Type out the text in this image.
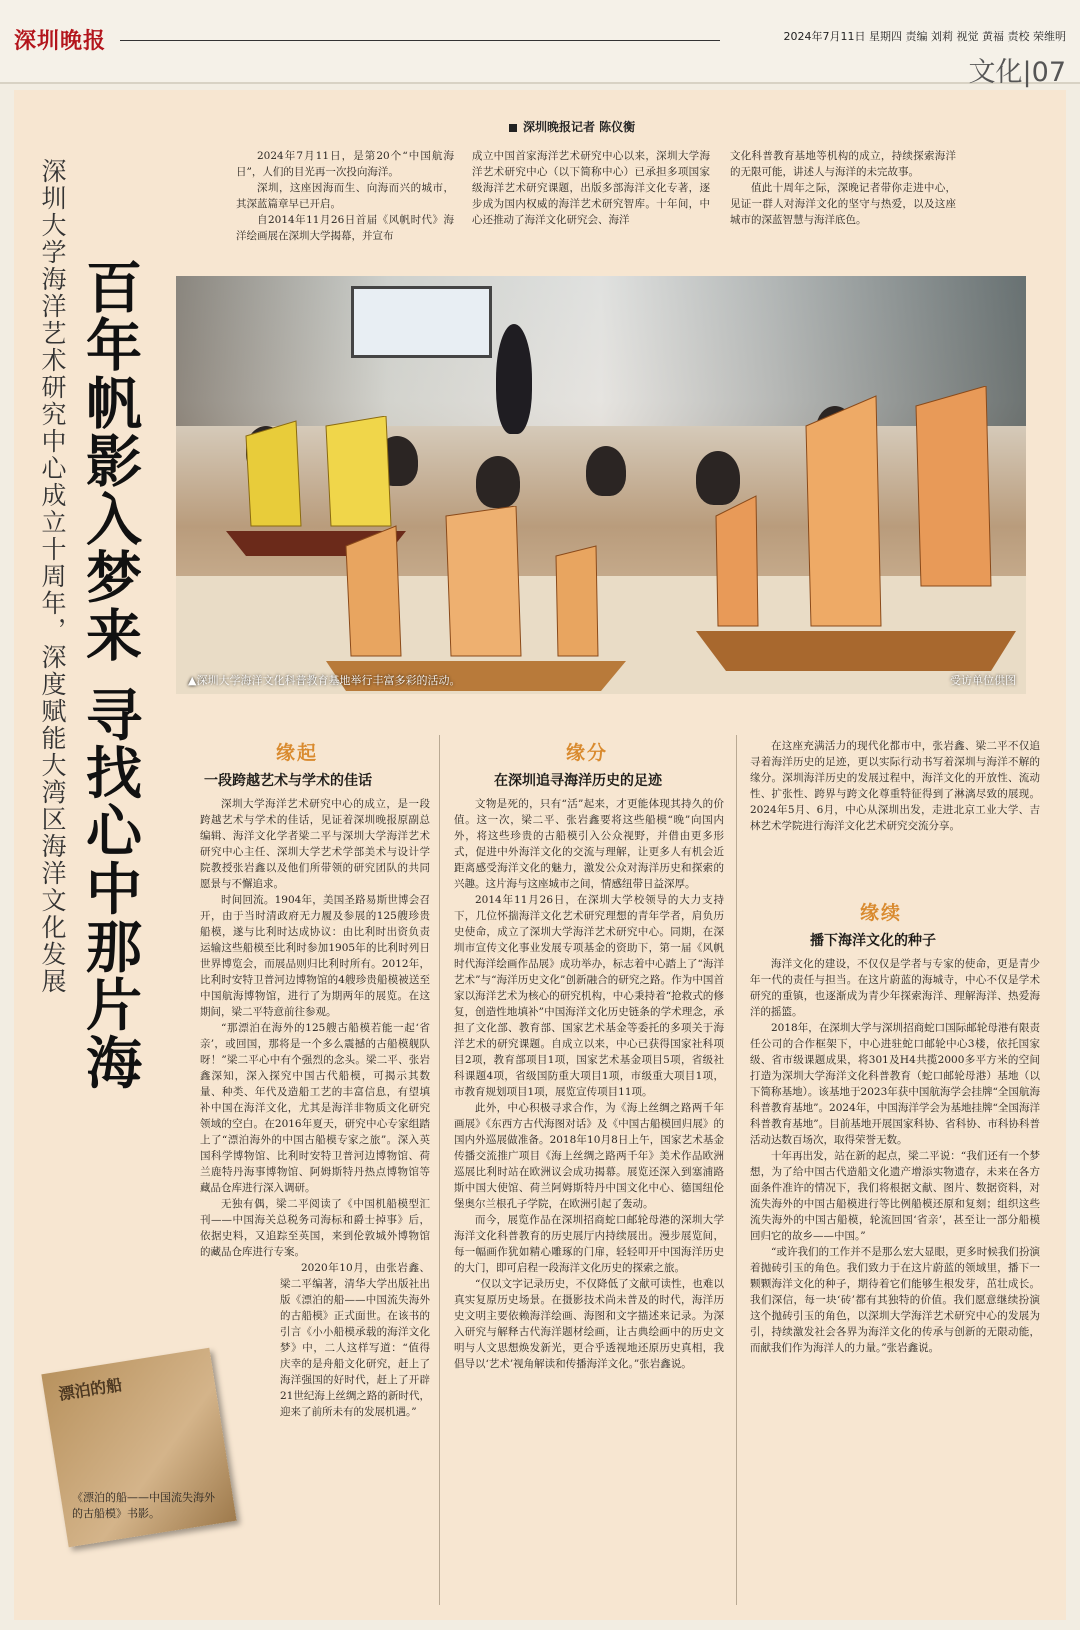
深圳晚报	2024年7月11日 星期四 责编 刘莉 视觉 黄福 责校 荣维明
文化|07
深圳大学海洋艺术研究中心成立十周年，深度赋能大湾区海洋文化发展 百年帆影入梦来 寻找心中那片海
深圳晚报记者 陈仪衡

2024年7月11日，是第20个“中国航海日”，人们的目光再一次投向海洋。

深圳，这座因海而生、向海而兴的城市，其深蓝篇章早已开启。

自2014年11月26日首届《风帆时代》海洋绘画展在深圳大学揭幕，并宣布

成立中国首家海洋艺术研究中心以来，深圳大学海洋艺术研究中心（以下简称中心）已承担多项国家级海洋艺术研究课题，出版多部海洋文化专著，逐步成为国内权威的海洋艺术研究智库。十年间，中心还推动了海洋文化研究会、海洋

文化科普教育基地等机构的成立，持续探索海洋的无限可能，讲述人与海洋的未完故事。

值此十周年之际，深晚记者带你走进中心，见证一群人对海洋文化的坚守与热爱，以及这座城市的深蓝智慧与海洋底色。

▲深圳大学海洋文化科普教育基地举行丰富多彩的活动。	受访单位供图
缘起
一段跨越艺术与学术的佳话

深圳大学海洋艺术研究中心的成立，是一段跨越艺术与学术的佳话，见证着深圳晚报原副总编辑、海洋文化学者梁二平与深圳大学海洋艺术研究中心主任、深圳大学艺术学部美术与设计学院教授张岩鑫以及他们所带领的研究团队的共同愿景与不懈追求。

时间回流。1904年，美国圣路易斯世博会召开，由于当时清政府无力履及参展的125艘珍贵船模，遂与比利时达成协议：由比利时出资负责运输这些船模至比利时参加1905年的比利时列日世界博览会，而展品则归比利时所有。2012年，比利时安特卫普河边博物馆的4艘珍贵船模被送至中国航海博物馆，进行了为期两年的展览。在这期间，梁二平特意前往参观。

“那漂泊在海外的125艘古船模若能一起‘省亲’，或回国，那将是一个多么震撼的古船模舰队呀！”梁二平心中有个强烈的念头。梁二平、张岩鑫深知，深入探究中国古代船模，可揭示其数量、种类、年代及造船工艺的丰富信息，有望填补中国在海洋文化，尤其是海洋非物质文化研究领域的空白。在2016年夏天，研究中心专家组踏上了“漂泊海外的中国古船模专家之旅”。深入英国科学博物馆、比利时安特卫普河边博物馆、荷兰鹿特丹海事博物馆、阿姆斯特丹热点博物馆等藏品仓库进行深入调研。

无独有偶，梁二平阅读了《中国机船模型汇刊——中国海关总税务司海标和爵士掉事》后，依据史料，又追踪至英国，来到伦敦城外博物馆的藏品仓库进行专案。

2020年10月，由张岩鑫、梁二平编著，清华大学出版社出版《漂泊的船——中国流失海外的古船模》正式面世。在该书的引言《小小船模承载的海洋文化梦》中，二人这样写道：“值得庆幸的是舟船文化研究，赶上了海洋强国的好时代，赶上了开辟21世纪海上丝绸之路的新时代，迎来了前所未有的发展机遇。”

缘分
在深圳追寻海洋历史的足迹

文物是死的，只有“活”起来，才更能体现其持久的价值。这一次，梁二平、张岩鑫要将这些船模“晚”向国内外，将这些珍贵的古船模引入公众视野，并借由更多形式，促进中外海洋文化的交流与理解，让更多人有机会近距离感受海洋文化的魅力，激发公众对海洋历史和探索的兴趣。这片海与这座城市之间，情感纽带日益深厚。

2014年11月26日，在深圳大学校领导的大力支持下，几位怀揣海洋文化艺术研究理想的青年学者，肩负历史使命，成立了深圳大学海洋艺术研究中心。同期，在深圳市宣传文化事业发展专项基金的资助下，第一届《风帆时代海洋绘画作品展》成功举办，标志着中心踏上了“海洋艺术”与“海洋历史文化”创新融合的研究之路。作为中国首家以海洋艺术为核心的研究机构，中心秉持着“抢救式的修复，创造性地填补”中国海洋文化历史链条的学术理念，承担了文化部、教育部、国家艺术基金等委托的多项关于海洋艺术的研究课题。自成立以来，中心已获得国家社科项目2项，教育部项目1项，国家艺术基金项目5项，省级社科课题4项，省级国防重大项目1项，市级重大项目1项，市教育规划项目1项，展览宣传项目11项。

此外，中心积极寻求合作，为《海上丝绸之路两千年画展》《东西方古代海图对话》及《中国古船模回归展》的国内外巡展做准备。2018年10月8日上午，国家艺术基金传播交流推广项目《海上丝绸之路两千年》美术作品欧洲巡展比利时站在欧洲议会成功揭幕。展览还深入到塞浦路斯中国大使馆、荷兰阿姆斯特丹中国文化中心、德国纽伦堡奥尔兰根孔子学院，在欧洲引起了轰动。

而今，展览作品在深圳招商蛇口邮轮母港的深圳大学海洋文化科普教育的历史展厅内持续展出。漫步展览间，每一幅画作犹如精心雕琢的门扉，轻轻叩开中国海洋历史的大门，即可启程一段海洋文化历史的探索之旅。

“仅以文字记录历史，不仅降低了文献可读性，也难以真实复原历史场景。在摄影技术尚未普及的时代，海洋历史文明主要依赖海洋绘画、海图和文字描述来记录。为深入研究与解释古代海洋题材绘画，让古典绘画中的历史文明与人文思想焕发新光，更合乎透视地还原历史真相，我倡导以‘艺术’视角解读和传播海洋文化。”张岩鑫说。

在这座充满活力的现代化都市中，张岩鑫、梁二平不仅追寻着海洋历史的足迹，更以实际行动书写着深圳与海洋不解的缘分。深圳海洋历史的发展过程中，海洋文化的开放性、流动性、扩张性、跨界与跨文化尊重特征得到了淋漓尽致的展现。2024年5月、6月，中心从深圳出发，走进北京工业大学、吉林艺术学院进行海洋文化艺术研究交流分享。

缘续
播下海洋文化的种子

海洋文化的建设，不仅仅是学者与专家的使命，更是青少年一代的责任与担当。在这片蔚蓝的海城寺，中心不仅是学术研究的重镇，也逐渐成为青少年探索海洋、理解海洋、热爱海洋的摇篮。

2018年，在深圳大学与深圳招商蛇口国际邮轮母港有限责任公司的合作框架下，中心进驻蛇口邮轮中心3楼，依托国家级、省市级课题成果，将301及H4共揽2000多平方米的空间打造为深圳大学海洋文化科普教育（蛇口邮轮母港）基地（以下简称基地）。该基地于2023年获中国航海学会挂牌“全国航海科普教育基地”。2024年，中国海洋学会为基地挂牌“全国海洋科普教育基地”。目前基地开展国家科协、省科协、市科协科普活动达数百场次，取得荣誉无数。

十年再出发，站在新的起点，梁二平说：“我们还有一个梦想，为了给中国古代造船文化遗产增添实物遗存，未来在各方面条件准许的情况下，我们将根据文献、图片、数据资料，对流失海外的中国古船模进行等比例船模还原和复刻；组织这些流失海外的中国古船模，轮流回国‘省亲’，甚至让一部分船模回归它的故乡——中国。”

“或许我们的工作并不是那么宏大显眼，更多时候我们扮演着抛砖引玉的角色。我们致力于在这片蔚蓝的领域里，播下一颗颗海洋文化的种子，期待着它们能够生根发芽，茁壮成长。我们深信，每一块‘砖’都有其独特的价值。我们愿意继续扮演这个抛砖引玉的角色，以深圳大学海洋艺术研究中心的发展为引，持续激发社会各界为海洋文化的传承与创新的无限动能，而献我们作为海洋人的力量。”张岩鑫说。

漂泊的船
《漂泊的船——中国流失海外的古船模》书影。
